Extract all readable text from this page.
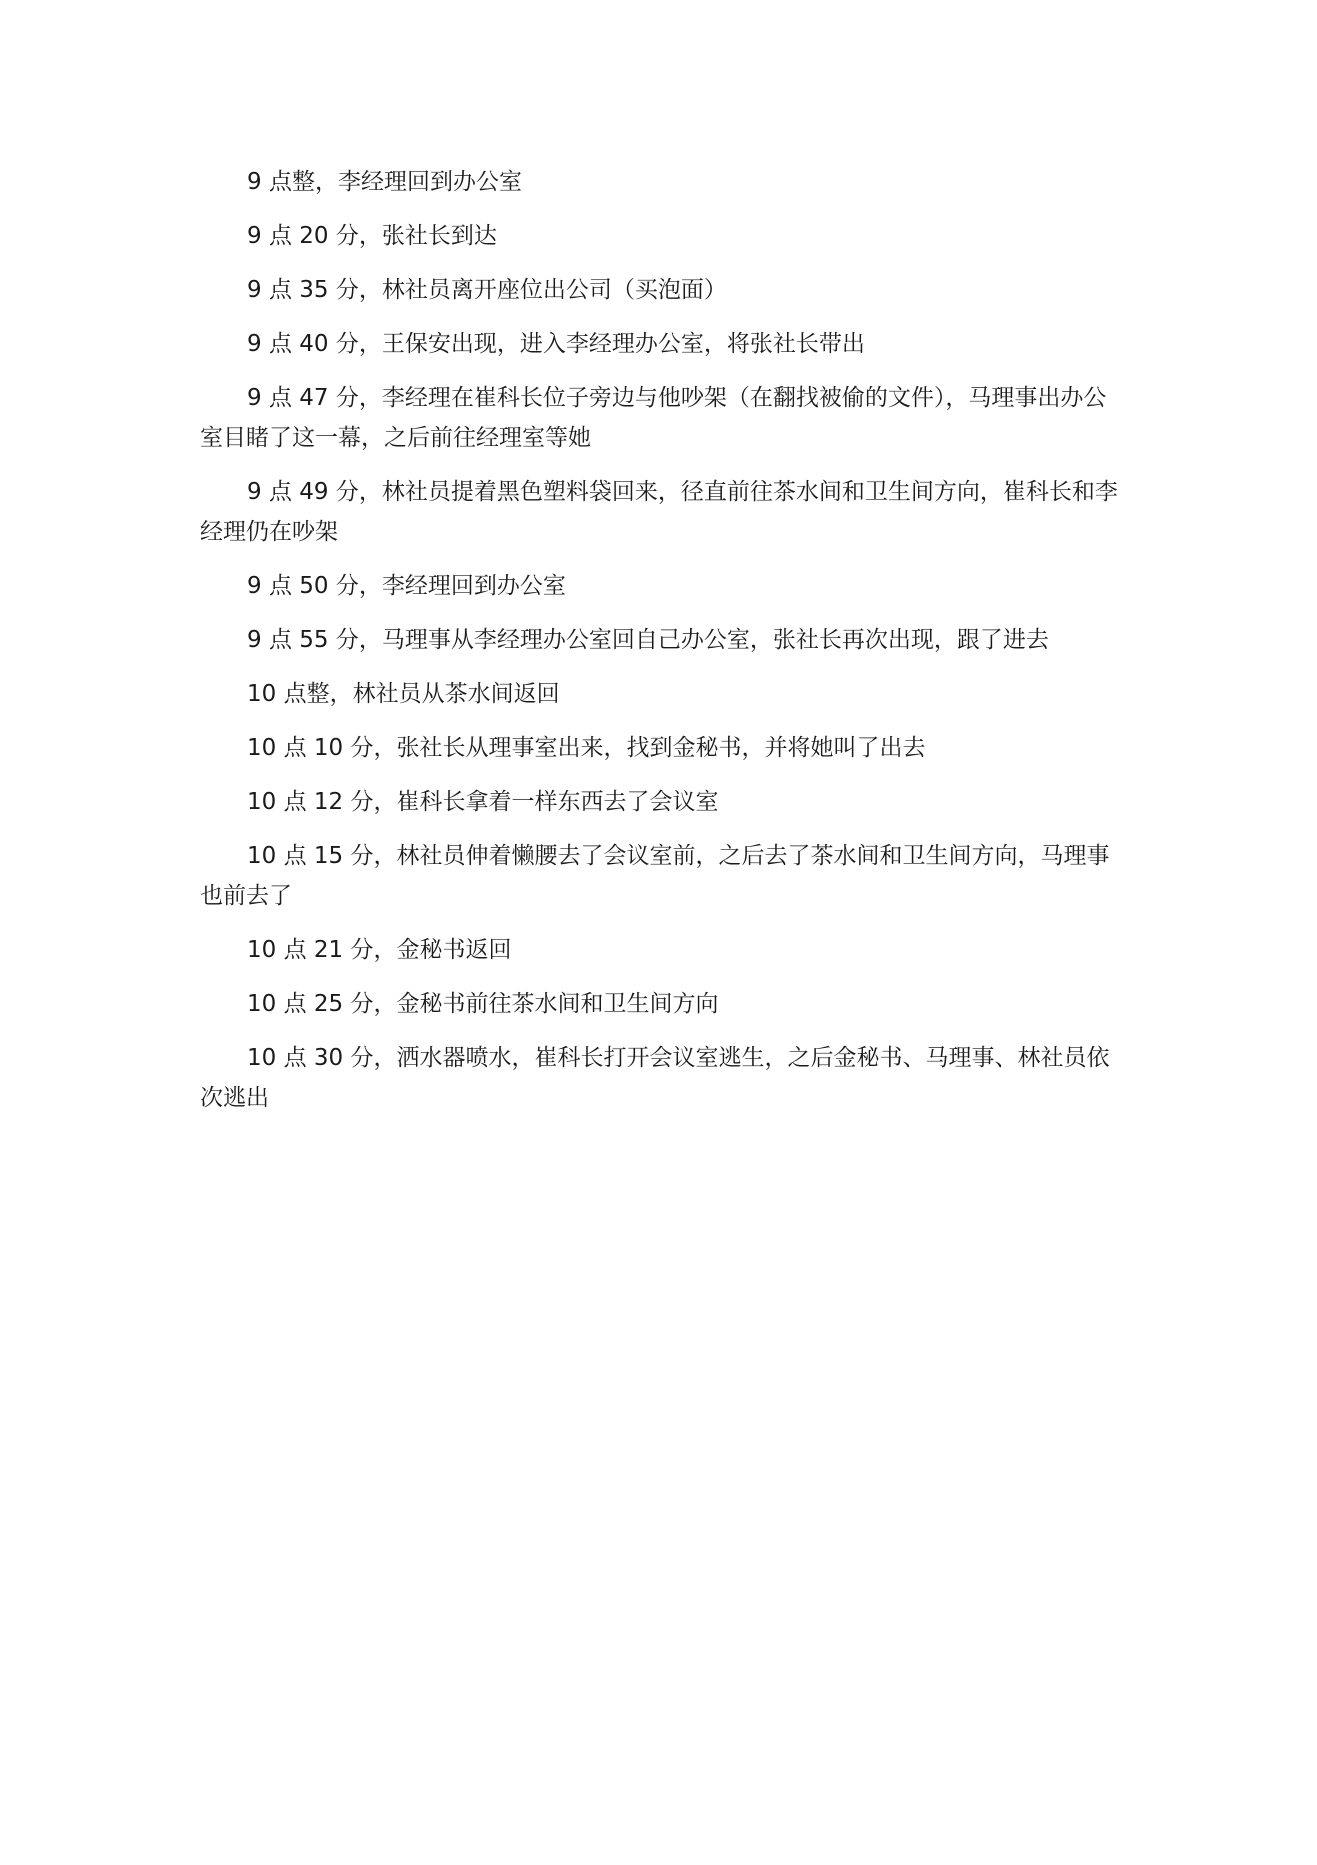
9 点整，李经理回到办公室

9 点 20 分，张社长到达

9 点 35 分，林社员离开座位出公司（买泡面）

9 点 40 分，王保安出现，进入李经理办公室，将张社长带出

9 点 47 分，李经理在崔科长位子旁边与他吵架（在翻找被偷的文件），马理事出办公室目睹了这一幕，之后前往经理室等她

9 点 49 分，林社员提着黑色塑料袋回来，径直前往茶水间和卫生间方向，崔科长和李经理仍在吵架

9 点 50 分，李经理回到办公室

9 点 55 分，马理事从李经理办公室回自己办公室，张社长再次出现，跟了进去

10 点整，林社员从茶水间返回

10 点 10 分，张社长从理事室出来，找到金秘书，并将她叫了出去

10 点 12 分，崔科长拿着一样东西去了会议室

10 点 15 分，林社员伸着懒腰去了会议室前，之后去了茶水间和卫生间方向，马理事也前去了

10 点 21 分，金秘书返回

10 点 25 分，金秘书前往茶水间和卫生间方向

10 点 30 分，洒水器喷水，崔科长打开会议室逃生，之后金秘书、马理事、林社员依次逃出
